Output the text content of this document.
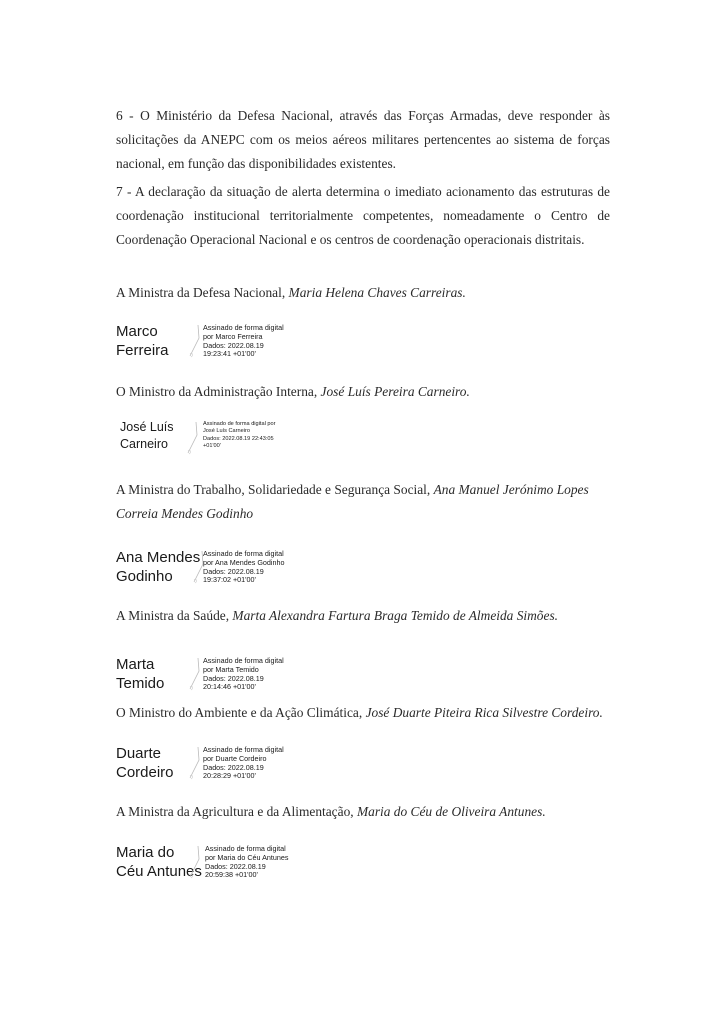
6 - O Ministério da Defesa Nacional, através das Forças Armadas, deve responder às solicitações da ANEPC com os meios aéreos militares pertencentes ao sistema de forças nacional, em função das disponibilidades existentes.

7 - A declaração da situação de alerta determina o imediato acionamento das estruturas de coordenação institucional territorialmente competentes, nomeadamente o Centro de Coordenação Operacional Nacional e os centros de coordenação operacionais distritais.

A Ministra da Defesa Nacional, Maria Helena Chaves Carreiras.

Marco
Ferreira
Assinado de forma digital
por Marco Ferreira
Dados: 2022.08.19
19:23:41 +01'00'

O Ministro da Administração Interna, José Luís Pereira Carneiro.

José Luís
Carneiro
Assinado de forma digital por
José Luís Carneiro
Dados: 2022.08.19 22:43:05
+01'00'

A Ministra do Trabalho, Solidariedade e Segurança Social, Ana Manuel Jerónimo Lopes Correia Mendes Godinho

Ana Mendes
Godinho
Assinado de forma digital
por Ana Mendes Godinho
Dados: 2022.08.19
19:37:02 +01'00'

A Ministra da Saúde, Marta Alexandra Fartura Braga Temido de Almeida Simões.

Marta
Temido
Assinado de forma digital
por Marta Temido
Dados: 2022.08.19
20:14:46 +01'00'

O Ministro do Ambiente e da Ação Climática, José Duarte Piteira Rica Silvestre Cordeiro.

Duarte
Cordeiro
Assinado de forma digital
por Duarte Cordeiro
Dados: 2022.08.19
20:28:29 +01'00'

A Ministra da Agricultura e da Alimentação, Maria do Céu de Oliveira Antunes.

Maria do
Céu Antunes
Assinado de forma digital
por Maria do Céu Antunes
Dados: 2022.08.19
20:59:38 +01'00'
